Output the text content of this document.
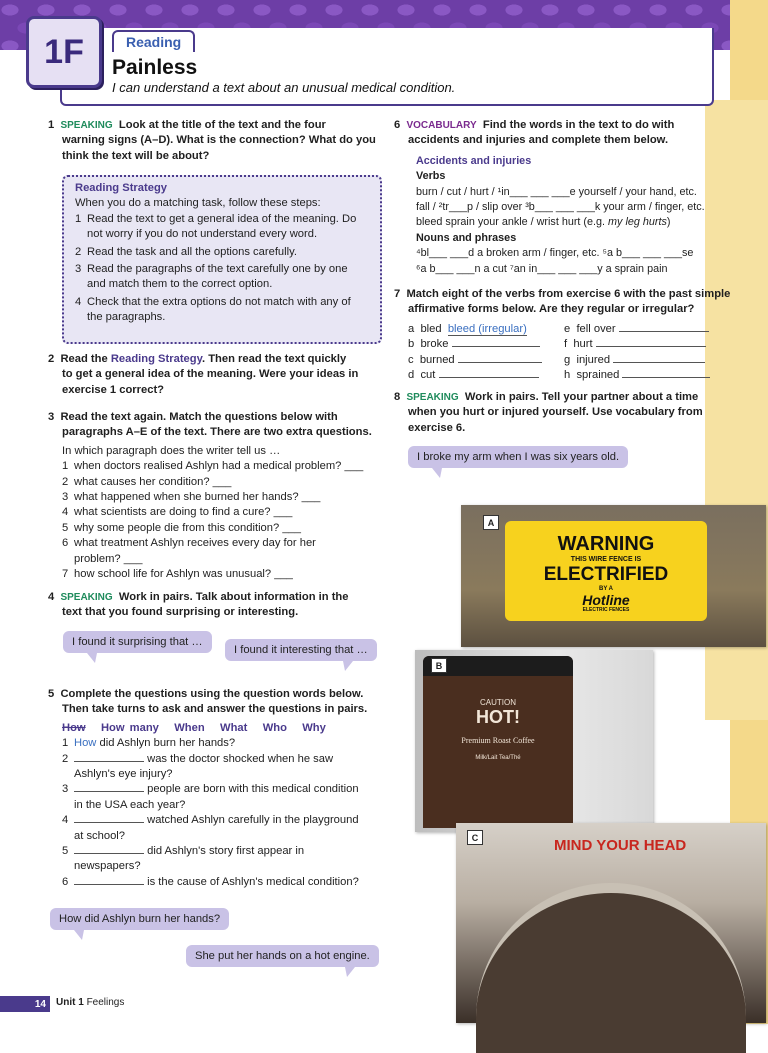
1F	Reading
Painless
I can understand a text about an unusual medical condition.
1 SPEAKING Look at the title of the text and the four
warning signs (A–D). What is the connection? What do you
think the text will be about?
Reading Strategy
When you do a matching task, follow these steps:
1 Read the text to get a general idea of the meaning. Do
not worry if you do not understand every word.
2 Read the task and all the options carefully.
3 Read the paragraphs of the text carefully one by one
and match them to the correct option.
4 Check that the extra options do not match with any of
the paragraphs.
2 Read the Reading Strategy. Then read the text quickly
to get a general idea of the meaning. Were your ideas in
exercise 1 correct?
3 Read the text again. Match the questions below with
paragraphs A–E of the text. There are two extra questions.
In which paragraph does the writer tell us …
1 when doctors realised Ashlyn had a medical problem? ___
2 what causes her condition? ___
3 what happened when she burned her hands? ___
4 what scientists are doing to find a cure? ___
5 why some people die from this condition? ___
6 what treatment Ashlyn receives every day for her
problem? ___
7 how school life for Ashlyn was unusual? ___
4 SPEAKING Work in pairs. Talk about information in the
text that you found surprising or interesting.
I found it surprising that …
I found it interesting that …
5 Complete the questions using the question words below.
Then take turns to ask and answer the questions in pairs.
How How many When What Who Why
1 How did Ashlyn burn her hands?
2	was the doctor shocked when he saw
Ashlyn's eye injury?
3	people are born with this medical condition
in the USA each year?
4	watched Ashlyn carefully in the playground
at school?
5	did Ashlyn's story first appear in
newspapers?
6	is the cause of Ashlyn's medical condition?
How did Ashlyn burn her hands?
She put her hands on a hot engine.
6 VOCABULARY Find the words in the text to do with
accidents and injuries and complete them below.
Accidents and injuries
Verbs
burn / cut / hurt / ¹in___ ___ ___e yourself / your hand, etc.
fall / ²tr___p / slip over ³b___ ___ ___k your arm / finger, etc.
bleed sprain your ankle / wrist hurt (e.g. my leg hurts)
Nouns and phrases
⁴bl___ ___d a broken arm / finger, etc. ⁵a b___ ___ ___se
⁶a b___ ___n a cut ⁷an in___ ___ ___y a sprain pain
7 Match eight of the verbs from exercise 6 with the past simple
affirmative forms below. Are they regular or irregular?
a bled bleed (irregular)
b broke
c burned
d cut
e fell over
f hurt
g injured
h sprained
8 SPEAKING Work in pairs. Tell your partner about a time
when you hurt or injured yourself. Use vocabulary from
exercise 6.
I broke my arm when I was six years old.
WARNING
THIS WIRE FENCE IS
ELECTRIFIED
BY A
Hotline
ELECTRIC FENCES
A
CAUTION
HOT!
Premium Roast Coffee
Milk/Lait Tea/Thé
B
MIND YOUR HEAD
C
14	Unit 1 Feelings
